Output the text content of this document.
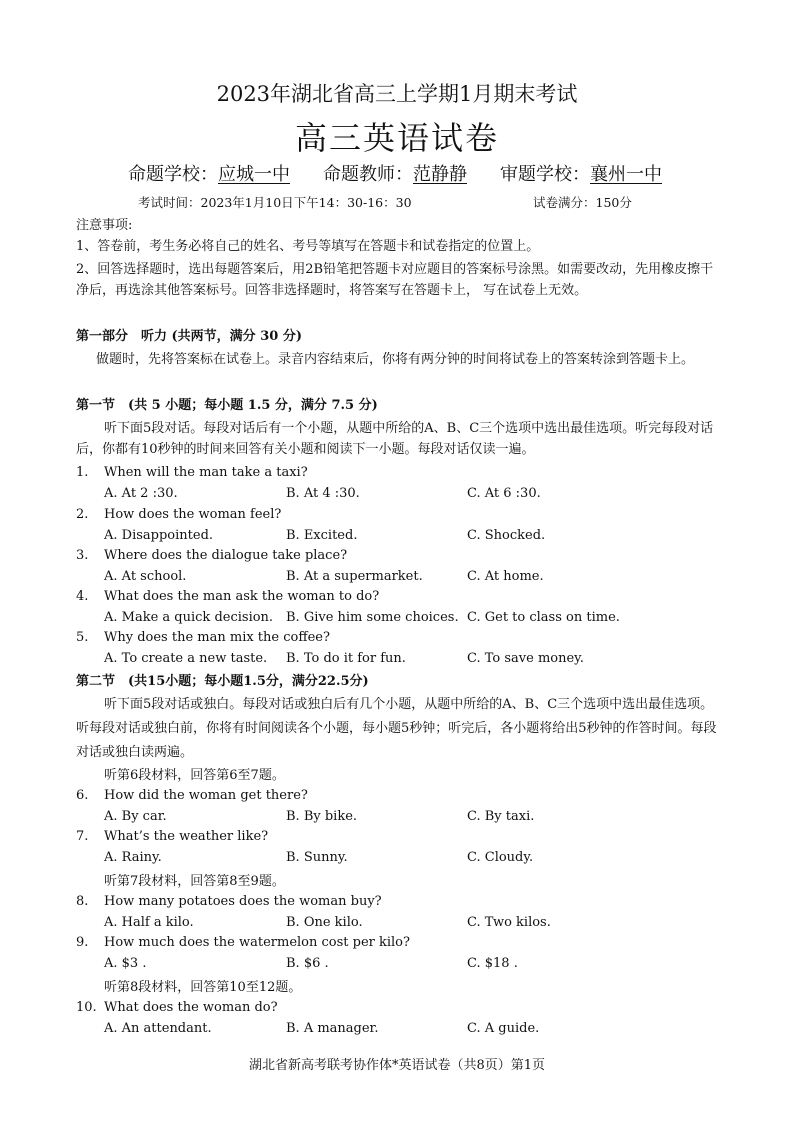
2023年湖北省高三上学期1月期末考试
高三英语试卷
命题学校：应城一中 命题教师：范静静 审题学校：襄州一中
考试时间：2023年1月10日下午14：30-16：30	试卷满分：150分
注意事项:
1、答卷前，考生务必将自己的姓名、考号等填写在答题卡和试卷指定的位置上。
2、回答选择题时，选出每题答案后，用2B铅笔把答题卡对应题目的答案标号涂黑。如需要改动，先用橡皮擦干净后，再选涂其他答案标号。回答非选择题时，将答案写在答题卡上， 写在试卷上无效。
第一部分　听力 (共两节，满分 30 分)
做题时，先将答案标在试卷上。录音内容结束后，你将有两分钟的时间将试卷上的答案转涂到答题卡上。
第一节　(共 5 小题；每小题 1.5 分，满分 7.5 分)
听下面5段对话。每段对话后有一个小题，从题中所给的A、B、C三个选项中选出最佳选项。听完每段对话后，你都有10秒钟的时间来回答有关小题和阅读下一小题。每段对话仅读一遍。
1. When will the man take a taxi?
A. At 2 :30.	B. At 4 :30.	C. At 6 :30.
2. How does the woman feel?
A. Disappointed.	B. Excited.	C. Shocked.
3. Where does the dialogue take place?
A. At school.	B. At a supermarket.	C. At home.
4. What does the man ask the woman to do?
A. Make a quick decision. B. Give him some choices. C. Get to class on time.
5. Why does the man mix the coffee?
A. To create a new taste. B. To do it for fun.	C. To save money.
第二节　(共15小题；每小题1.5分，满分22.5分)
听下面5段对话或独白。每段对话或独白后有几个小题，从题中所给的A、B、C三个选项中选出最佳选项。听每段对话或独白前，你将有时间阅读各个小题，每小题5秒钟；听完后，各小题将给出5秒钟的作答时间。每段对话或独白读两遍。
听第6段材料，回答第6至7题。
6. How did the woman get there?
A. By car.	B. By bike.	C. By taxi.
7. What’s the weather like?
A. Rainy.	B. Sunny.	C. Cloudy.
听第7段材料，回答第8至9题。
8. How many potatoes does the woman buy?
A. Half a kilo.	B. One kilo.	C. Two kilos.
9. How much does the watermelon cost per kilo?
A. $3 .	B. $6 .	C. $18 .
听第8段材料，回答第10至12题。
10. What does the woman do?
A. An attendant.	B. A manager.	C. A guide.
湖北省新高考联考协作体*英语试卷（共8页）第1页
